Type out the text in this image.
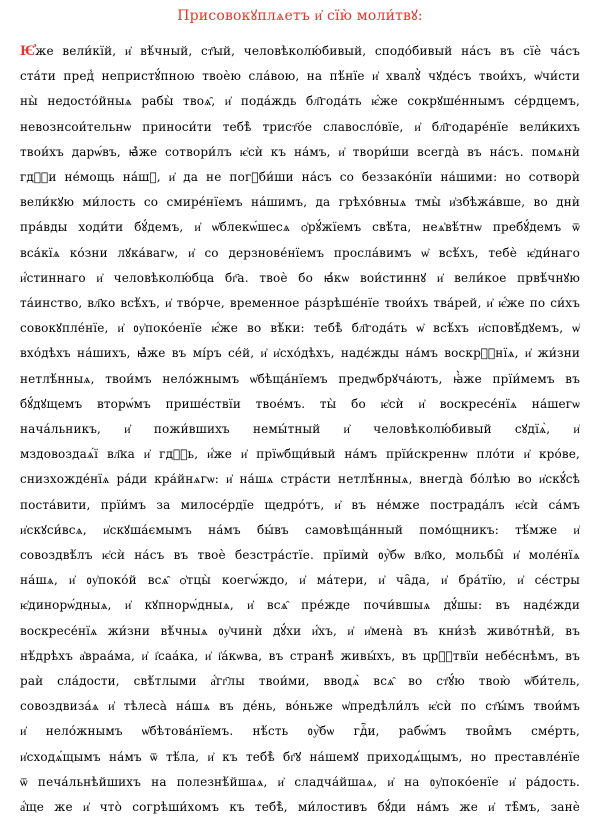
Присовокꙋплѧетъ и҆ сїю̀ моли́твꙋ:
Ѥ҆же вели́кїй, и҆ вѣ́чный, ст҃ый, человѣколю́бивый, сподо́бивый на́съ въ сїѐ ча́съ
ста́ти пред̾ непристꙋ́пною твоѐю сла́вою, на пѣ́нїе и҆ хвалꙋ̀ чꙋде́съ твои́хъ, ѡ҆чи́сти
ны̀ недосто́йныѧ рабы̀ твоѧ̑, и҆ пода́ждь бл҃года́ть ѥ҆́же сокрꙋше́ннымъ се́рдцемъ,
невознсои́тельнѡ приноси́ти тебѣ̀ трист҃о́е славосло́вїе, и҆ бл҃годаре́нїе вели́кихъ
твои́хъ дарѡ́въ, ꙗ҆̀же сотвори́лъ ѥ҆сѝ къ на́мъ, и҆ твори́ши всегда̀ въ на́съ. помѧнѝ
гдⷭ҇и не́мощь на́шꙋ, и҆ да не погꙋби́ши на́съ со беззако́нїи на́шими: но сотворѝ
вели́кꙋю ми́лость со смире́нїемъ на́шимъ, да грѣхо́вныѧ тмы̀ и҆збѣжа́вше, во днѝ
пра́вды ходи́ти бꙋ́демъ, и҆ ѡ҆блекѡ́шесѧ ѻ҆рꙋ́жїемъ свѣ́та, неѧ҆вѣ́тнѡ пребꙋ́демъ ѿ
вса́кїѧ ко́зни лꙋка́вагѡ, и҆ со дерзнове́нїемъ просла́вимъ ѡ҆ всѣ́хъ, тебѐ ѥ҆ди́наго
и҆́стиннаго и҆ человѣколю́бца бг҃а. твоѐ бо ꙗ҆́кѡ вои́стиннꙋ и҆ вели́кое првѣ́чнꙋю
та́инство, вл҃ко всѣ́хъ, и҆ тво́рче, временное ра́зрѣше́нїе твои́хъ тва́рей, и҆ ѥ҆́же по си́хъ
совокꙋпле́нїе, и҆ ᲂу҆поко́енїе ѥ҆́же во вѣ́ки: тебѣ̀ бл҃года́ть ѡ҆ всѣ́хъ и҆сповѣ́дꙋемъ, ѡ҆
вхо́дѣхъ на́шихъ, ꙗ҆̀же въ мі́ръ се́й, и҆ и҆схо́дѣхъ, надє́жды на́мъ воскрⷭ҇нїѧ, и҆ жи́зни
нетлѣ́нныѧ, твои́мъ нело́жнымъ ѡ҆бѣща́нїемъ предѡбрꙋча́ютъ, ꙗ҆̀же прїи́мемъ въ
бꙋ́дꙋщемъ вторѡ́мъ прише́ствїи твое́мъ. ты̀ бо ѥ҆сѝ и҆ воскресе́нїѧ на́шегѡ
нача́льникъ, и҆ пожи́вшихъ немы́тный и҆ человѣколю́бивый сꙋдїѧ̀, и҆
мздовоздаѧ́ї вл҃ка и҆ гдⷭ҇ь, и҆́же и҆ прїѡбщи́вый на́мъ прїи́скреннѡ пло́ти и҆ кро́ве,
снизхожде́нїѧ ра́ди кра́йнѧгѡ: и҆ на́шѧ стра́сти нетлѣ́нныѧ, внегда̀ бо́лѣю во и҆скꙋ́сѣ
поста́вити, прїи́мъ за милосе́рдїе щедро́тъ, и҆ въ не́мже пострада́лъ ѥ҆сѝ са́мъ
и҆скꙋси́всѧ, и҆скꙋша́ємымъ на́мъ бы́въ самовѣща́нный помо́щникъ: тѣ́мже и҆
совоздвѣ́лъ ѥ҆сѝ на́съ въ твоѐ безстра́стїе. прїимѝ ᲂу҆̀бѡ вл҃ко, мольбы̑ и҆ моле́нїѧ
на́шѧ, и҆ ᲂу҆поко́й всѧ̑ ѻ҆тцы̀ коегѡ́ждо, и҆ ма́тери, и҆ ча̑да, и҆ бра́тїю, и҆ се́стры
ѥ҆динорѡ́дныѧ, и҆ кꙋпнорѡ́дныѧ, и҆ всѧ̑ пре́жде почи́вшыѧ дꙋ́шы: въ надє́жди
воскресе́нїѧ жи́зни вѣ́чныѧ ᲂу҆чинѝ дꙋ́хи и҆́хъ, и҆ и҆мена̀ въ кни́зѣ живо́тнѣй, въ
нѣ́дрѣхъ а҆враа́ма, и҆ і҆саа́ка, и҆ і҆а́кѡва, въ странѣ̀ живы́хъ, въ црⷭ҇твїи небе́снѣмъ, въ
раѝ сла́дости, свѣ́тлыми а҆́гг҃лы твои́ми, вводѧ̀ всѧ̑ во ст҃ꙋ́ю твою̀ ѡ҆би́тель,
совоздвиза́ѧ и҆ тѣлеса̀ на́шѧ въ де́нь, во́ньже ѡ҆предѣли́лъ ѥ҆сѝ по ст҃ы́мъ твои́мъ
и҆ нело́жнымъ ѡ҆бѣтова́нїемъ. нѣ́сть ᲂу҆̀бѡ гдⷭ҇и, рабѡ́мъ твои̑мъ сме́рть,
и҆сходѧ́щымъ на́мъ ѿ тѣ́ла, и҆ къ тебѣ̀ бг҃ꙋ на́шемꙋ приходѧ́щымъ, но преставле́нїе
ѿ печа́льнѣйшихъ на полезнѣ́йшаѧ, и҆ сладча́йшаѧ, и҆ на ᲂу҆поко́енїе и҆ ра́дость.
а҆́ще же и҆ что̀ согрѣши́хомъ къ тебѣ̀, ми́лостивъ бꙋ́ди на́мъ же и҆ тѣ̑мъ, занѐ
